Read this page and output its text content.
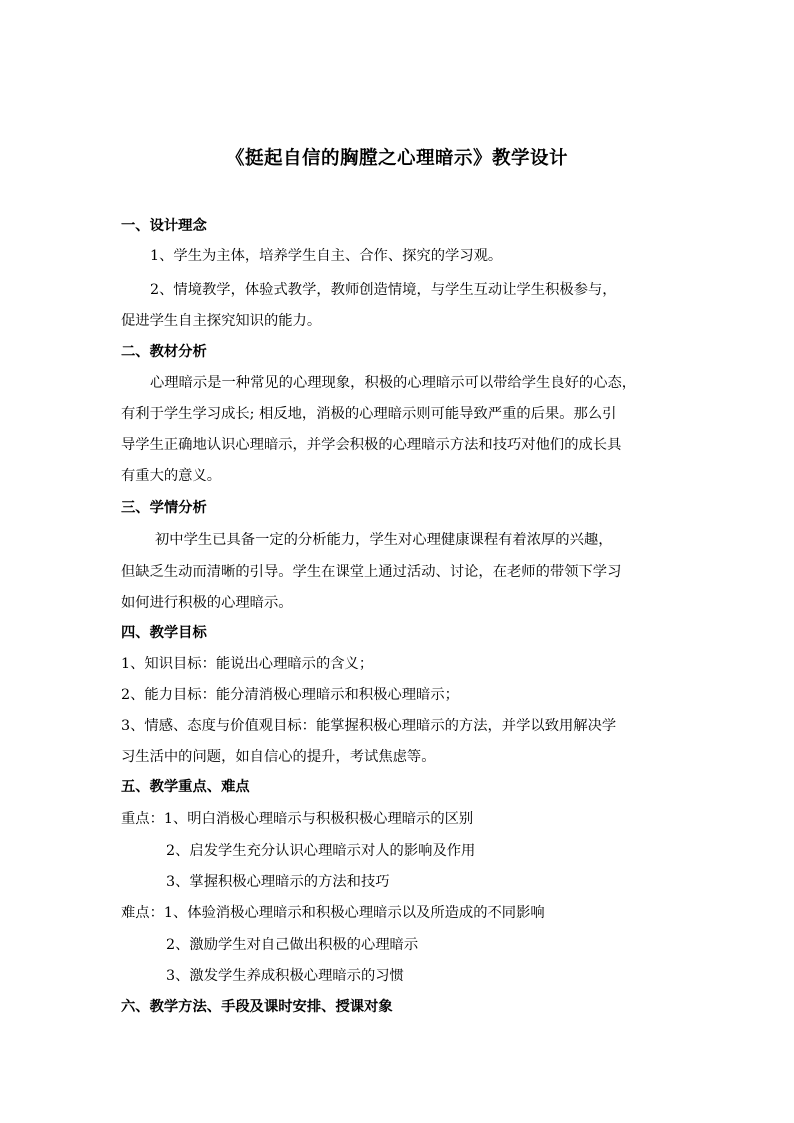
《挺起自信的胸膛之心理暗示》教学设计
一、设计理念
1、学生为主体，培养学生自主、合作、探究的学习观。
2、情境教学，体验式教学，教师创造情境，与学生互动让学生积极参与，
促进学生自主探究知识的能力。
二、教材分析
心理暗示是一种常见的心理现象，积极的心理暗示可以带给学生良好的心态，
有利于学生学习成长; 相反地，消极的心理暗示则可能导致严重的后果。那么引
导学生正确地认识心理暗示，并学会积极的心理暗示方法和技巧对他们的成长具
有重大的意义。
三、学情分析
初中学生已具备一定的分析能力，学生对心理健康课程有着浓厚的兴趣，
但缺乏生动而清晰的引导。学生在课堂上通过活动、讨论，在老师的带领下学习
如何进行积极的心理暗示。
四、教学目标
1、知识目标：能说出心理暗示的含义；
2、能力目标：能分清消极心理暗示和积极心理暗示；
3、情感、态度与价值观目标：能掌握积极心理暗示的方法，并学以致用解决学
习生活中的问题，如自信心的提升，考试焦虑等。
五、教学重点、难点
重点：1、明白消极心理暗示与积极积极心理暗示的区别
2、启发学生充分认识心理暗示对人的影响及作用
3、掌握积极心理暗示的方法和技巧
难点：1、体验消极心理暗示和积极心理暗示以及所造成的不同影响
2、激励学生对自己做出积极的心理暗示
3、激发学生养成积极心理暗示的习惯
六、教学方法、手段及课时安排、授课对象
